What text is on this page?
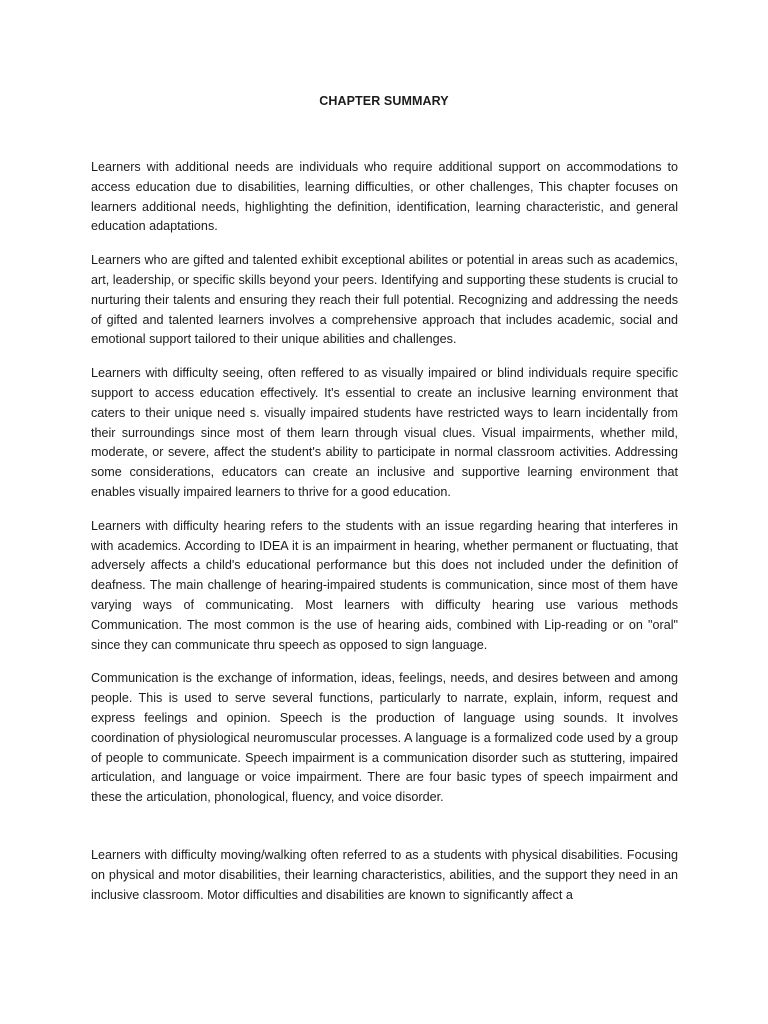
CHAPTER SUMMARY

Learners with additional needs are individuals who require additional support on accommodations to access education due to disabilities, learning difficulties, or other challenges, This chapter focuses on learners additional needs, highlighting the definition, identification, learning characteristic, and general education adaptations.

Learners who are gifted and talented exhibit exceptional abilites or potential in areas such as academics, art, leadership, or specific skills beyond your peers. Identifying and supporting these students is crucial to nurturing their talents and ensuring they reach their full potential. Recognizing and addressing the needs of gifted and talented learners involves a comprehensive approach that includes academic, social and emotional support tailored to their unique abilities and challenges.

Learners with difficulty seeing, often reffered to as visually impaired or blind individuals require specific support to access education effectively. It's essential to create an inclusive learning environment that caters to their unique need s. visually impaired students have restricted ways to learn incidentally from their surroundings since most of them learn through visual clues. Visual impairments, whether mild, moderate, or severe, affect the student's ability to participate in normal classroom activities. Addressing some considerations, educators can create an inclusive and supportive learning environment that enables visually impaired learners to thrive for a good education.

Learners with difficulty hearing refers to the students with an issue regarding hearing that interferes in with academics. According to IDEA it is an impairment in hearing, whether permanent or fluctuating, that adversely affects a child's educational performance but this does not included under the definition of deafness. The main challenge of hearing-impaired students is communication, since most of them have varying ways of communicating. Most learners with difficulty hearing use various methods Communication. The most common is the use of hearing aids, combined with Lip-reading or on "oral" since they can communicate thru speech as opposed to sign language.

Communication is the exchange of information, ideas, feelings, needs, and desires between and among people. This is used to serve several functions, particularly to narrate, explain, inform, request and express feelings and opinion. Speech is the production of language using sounds. It involves coordination of physiological neuromuscular processes. A language is a formalized code used by a group of people to communicate. Speech impairment is a communication disorder such as stuttering, impaired articulation, and language or voice impairment. There are four basic types of speech impairment and these the articulation, phonological, fluency, and voice disorder.

Learners with difficulty moving/walking often referred to as a students with physical disabilities. Focusing on physical and motor disabilities, their learning characteristics, abilities, and the support they need in an inclusive classroom. Motor difficulties and disabilities are known to significantly affect a
